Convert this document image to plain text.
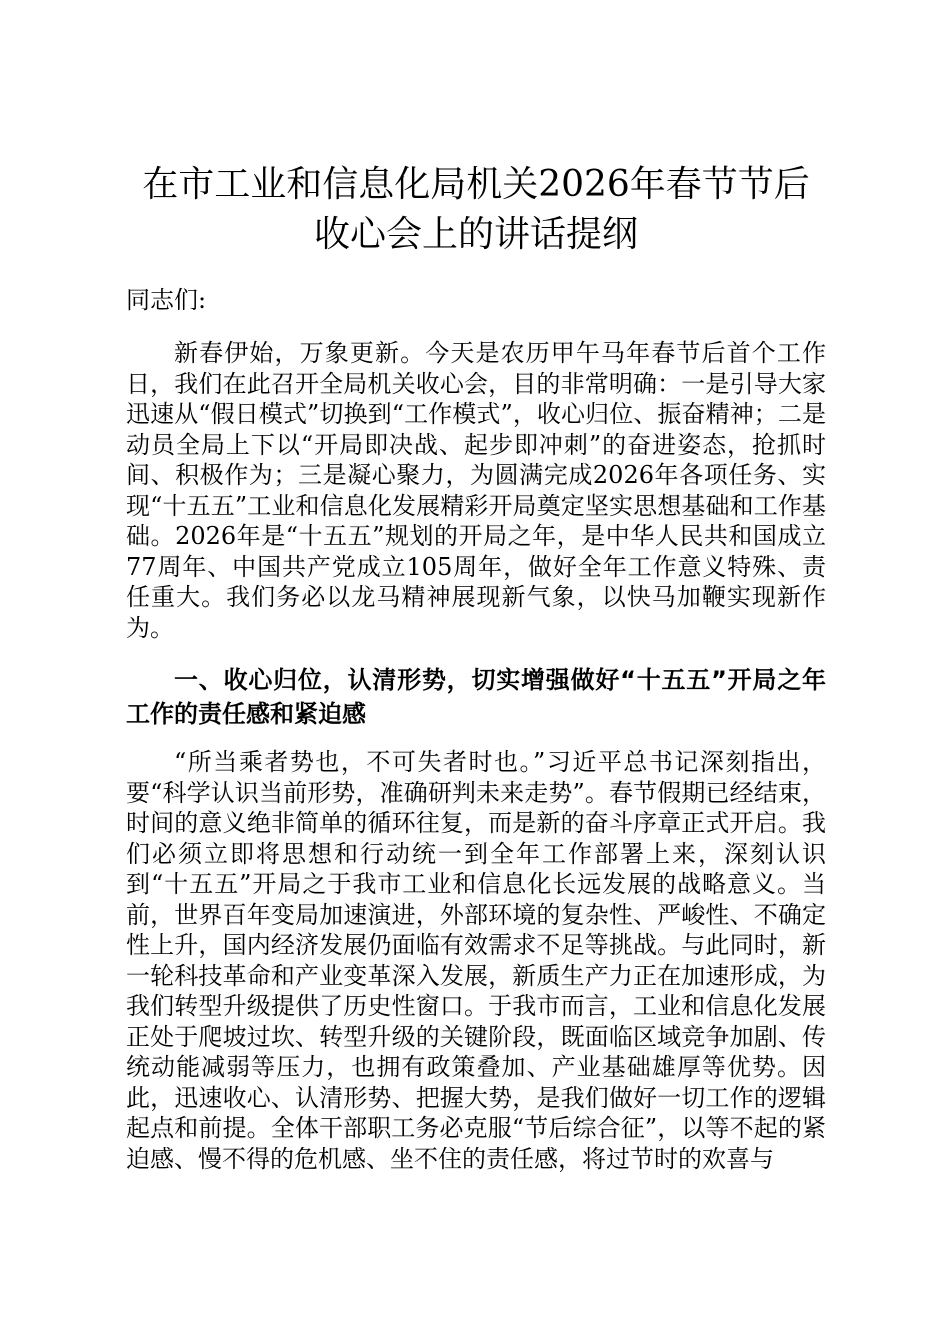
在市工业和信息化局机关2026年春节节后收心会上的讲话提纲

同志们:

新春伊始，万象更新。今天是农历甲午马年春节后首个工作日，我们在此召开全局机关收心会，目的非常明确：一是引导大家迅速从“假日模式”切换到“工作模式”，收心归位、振奋精神；二是动员全局上下以“开局即决战、起步即冲刺”的奋进姿态，抢抓时间、积极作为；三是凝心聚力，为圆满完成2026年各项任务、实现“十五五”工业和信息化发展精彩开局奠定坚实思想基础和工作基础。2026年是“十五五”规划的开局之年，是中华人民共和国成立77周年、中国共产党成立105周年，做好全年工作意义特殊、责任重大。我们务必以龙马精神展现新气象，以快马加鞭实现新作为。

一、收心归位，认清形势，切实增强做好“十五五”开局之年工作的责任感和紧迫感

“所当乘者势也，不可失者时也。”习近平总书记深刻指出，要“科学认识当前形势，准确研判未来走势”。春节假期已经结束，时间的意义绝非简单的循环往复，而是新的奋斗序章正式开启。我们必须立即将思想和行动统一到全年工作部署上来，深刻认识到“十五五”开局之于我市工业和信息化长远发展的战略意义。当前，世界百年变局加速演进，外部环境的复杂性、严峻性、不确定性上升，国内经济发展仍面临有效需求不足等挑战。与此同时，新一轮科技革命和产业变革深入发展，新质生产力正在加速形成，为我们转型升级提供了历史性窗口。于我市而言，工业和信息化发展正处于爬坡过坎、转型升级的关键阶段，既面临区域竞争加剧、传统动能减弱等压力，也拥有政策叠加、产业基础雄厚等优势。因此，迅速收心、认清形势、把握大势，是我们做好一切工作的逻辑起点和前提。全体干部职工务必克服“节后综合征”，以等不起的紧迫感、慢不得的危机感、坐不住的责任感，将过节时的欢喜与
